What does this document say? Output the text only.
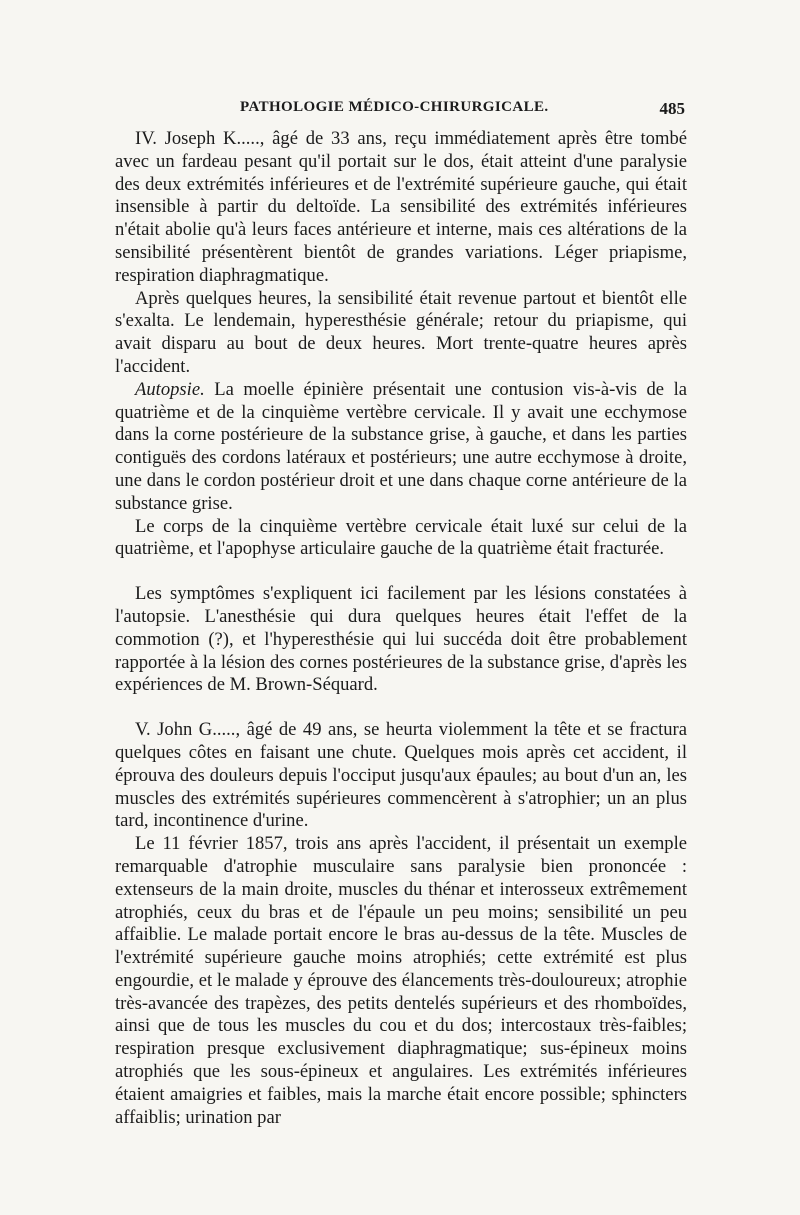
PATHOLOGIE MÉDICO-CHIRURGICALE.	485

IV. Joseph K....., âgé de 33 ans, reçu immédiatement après être tombé avec un fardeau pesant qu'il portait sur le dos, était atteint d'une paralysie des deux extrémités inférieures et de l'extrémité supérieure gauche, qui était insensible à partir du deltoïde. La sensibilité des extrémités inférieures n'était abolie qu'à leurs faces antérieure et interne, mais ces altérations de la sensibilité présentèrent bientôt de grandes variations. Léger priapisme, respiration diaphragmatique.

Après quelques heures, la sensibilité était revenue partout et bientôt elle s'exalta. Le lendemain, hyperesthésie générale; retour du priapisme, qui avait disparu au bout de deux heures. Mort trente-quatre heures après l'accident.

Autopsie. La moelle épinière présentait une contusion vis-à-vis de la quatrième et de la cinquième vertèbre cervicale. Il y avait une ecchymose dans la corne postérieure de la substance grise, à gauche, et dans les parties contiguës des cordons latéraux et postérieurs; une autre ecchymose à droite, une dans le cordon postérieur droit et une dans chaque corne antérieure de la substance grise.

Le corps de la cinquième vertèbre cervicale était luxé sur celui de la quatrième, et l'apophyse articulaire gauche de la quatrième était fracturée.

Les symptômes s'expliquent ici facilement par les lésions constatées à l'autopsie. L'anesthésie qui dura quelques heures était l'effet de la commotion (?), et l'hyperesthésie qui lui succéda doit être probablement rapportée à la lésion des cornes postérieures de la substance grise, d'après les expériences de M. Brown-Séquard.

V. John G....., âgé de 49 ans, se heurta violemment la tête et se fractura quelques côtes en faisant une chute. Quelques mois après cet accident, il éprouva des douleurs depuis l'occiput jusqu'aux épaules; au bout d'un an, les muscles des extrémités supérieures commencèrent à s'atrophier; un an plus tard, incontinence d'urine.

Le 11 février 1857, trois ans après l'accident, il présentait un exemple remarquable d'atrophie musculaire sans paralysie bien prononcée : extenseurs de la main droite, muscles du thénar et interosseux extrêmement atrophiés, ceux du bras et de l'épaule un peu moins; sensibilité un peu affaiblie. Le malade portait encore le bras au-dessus de la tête. Muscles de l'extrémité supérieure gauche moins atrophiés; cette extrémité est plus engourdie, et le malade y éprouve des élancements très-douloureux; atrophie très-avancée des trapèzes, des petits dentelés supérieurs et des rhomboïdes, ainsi que de tous les muscles du cou et du dos; intercostaux très-faibles; respiration presque exclusivement diaphragmatique; sus-épineux moins atrophiés que les sous-épineux et angulaires. Les extrémités inférieures étaient amaigries et faibles, mais la marche était encore possible; sphincters affaiblis; urination par
